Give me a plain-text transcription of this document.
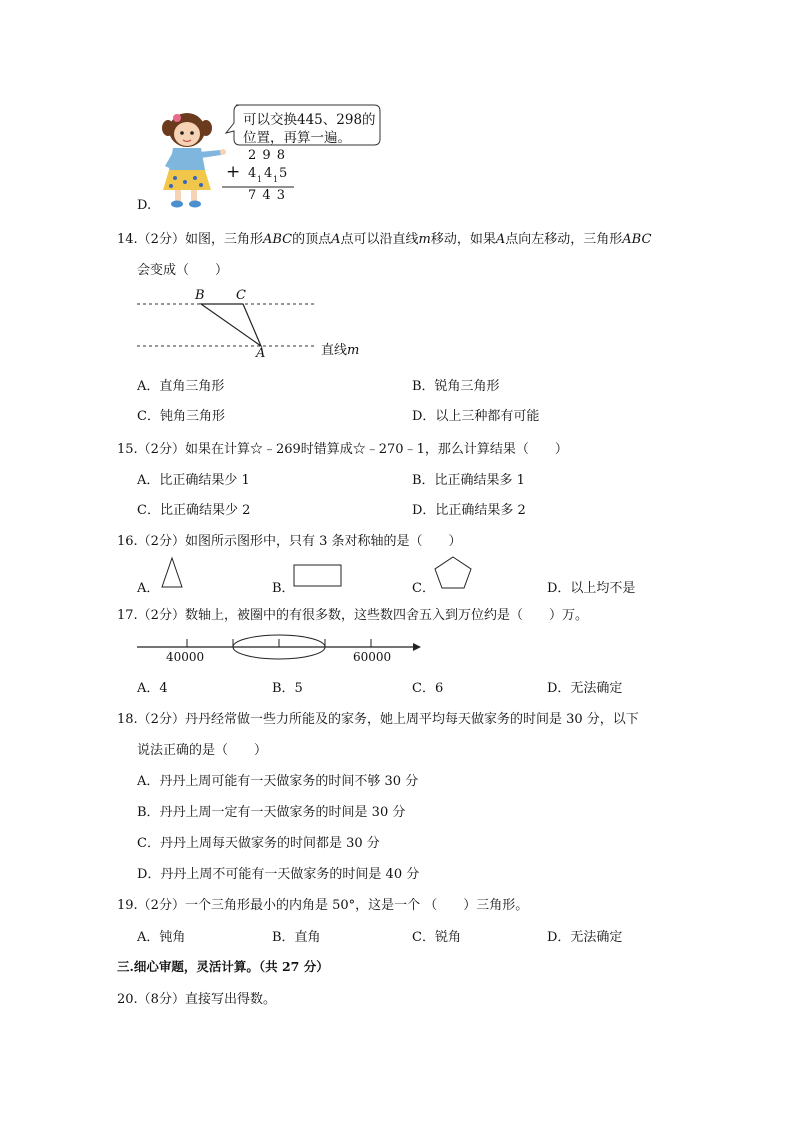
D.
可以交换445、298的
位置，再算一遍。
2 9 8
+ 4 1 4 1 5
7 4 3
14.（2分）如图，三角形ABC的顶点A点可以沿直线m移动，如果A点向左移动，三角形ABC
会变成（　　）
B C
A	直线m
A．直角三角形	B．锐角三角形
C．钝角三角形	D．以上三种都有可能
15.（2分）如果在计算☆﹣269时错算成☆﹣270﹣1，那么计算结果（　　）
A．比正确结果少 1	B．比正确结果多 1
C．比正确结果少 2	D．比正确结果多 2
16.（2分）如图所示图形中，只有 3 条对称轴的是（　　）
A．	B．	C．	D．以上均不是
17.（2分）数轴上，被圈中的有很多数，这些数四舍五入到万位约是（　　）万。
40000	60000
A．4	B．5	C．6	D．无法确定
18.（2分）丹丹经常做一些力所能及的家务，她上周平均每天做家务的时间是 30 分，以下
说法正确的是（　　）
A．丹丹上周可能有一天做家务的时间不够 30 分
B．丹丹上周一定有一天做家务的时间是 30 分
C．丹丹上周每天做家务的时间都是 30 分
D．丹丹上周不可能有一天做家务的时间是 40 分
19.（2分）一个三角形最小的内角是 50°，这是一个 （　　）三角形。
A．钝角	B．直角	C．锐角	D．无法确定
三.细心审题，灵活计算。（共 27 分）
20.（8分）直接写出得数。
